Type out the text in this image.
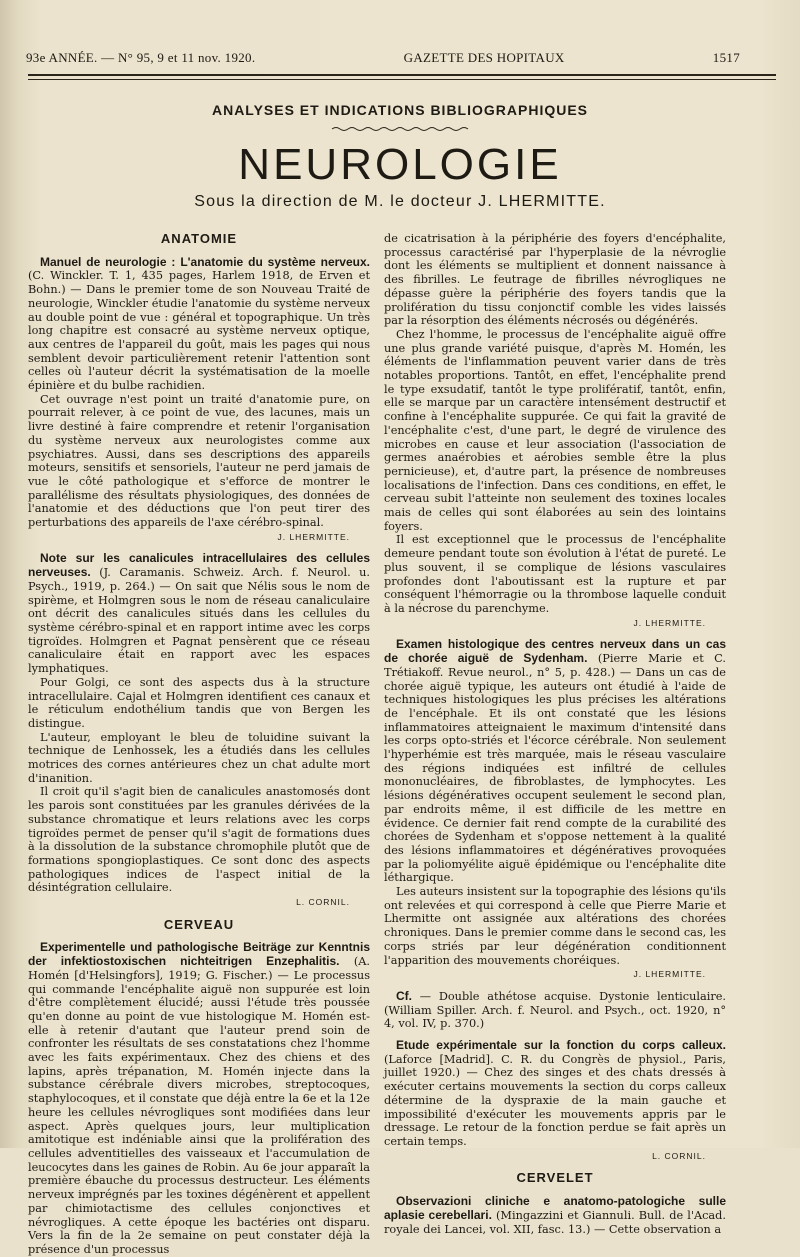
93e ANNÉE. — N° 95, 9 et 11 nov. 1920.	GAZETTE DES HOPITAUX	1517
ANALYSES ET INDICATIONS BIBLIOGRAPHIQUES
NEUROLOGIE
Sous la direction de M. le docteur J. LHERMITTE.
ANATOMIE

Manuel de neurologie : L'anatomie du système nerveux. (C. Winckler. T. 1, 435 pages, Harlem 1918, de Erven et Bohn.) — Dans le premier tome de son Nouveau Traité de neurologie, Winckler étudie l'anatomie du système nerveux au double point de vue : général et topographique. Un très long chapitre est consacré au système nerveux optique, aux centres de l'appareil du goût, mais les pages qui nous semblent devoir particulièrement retenir l'attention sont celles où l'auteur décrit la systématisation de la moelle épinière et du bulbe rachidien.

Cet ouvrage n'est point un traité d'anatomie pure, on pourrait relever, à ce point de vue, des lacunes, mais un livre destiné à faire comprendre et retenir l'organisation du système nerveux aux neurologistes comme aux psychiatres. Aussi, dans ses descriptions des appareils moteurs, sensitifs et sensoriels, l'auteur ne perd jamais de vue le côté pathologique et s'efforce de montrer le parallélisme des résultats physiologiques, des données de l'anatomie et des déductions que l'on peut tirer des perturbations des appareils de l'axe cérébro-spinal.

J. LHERMITTE.

Note sur les canalicules intracellulaires des cellules nerveuses. (J. Caramanis. Schweiz. Arch. f. Neurol. u. Psych., 1919, p. 264.) — On sait que Nélis sous le nom de spirème, et Holmgren sous le nom de réseau canaliculaire ont décrit des canalicules situés dans les cellules du système cérébro-spinal et en rapport intime avec les corps tigroïdes. Holmgren et Pagnat pensèrent que ce réseau canaliculaire était en rapport avec les espaces lymphatiques.

Pour Golgi, ce sont des aspects dus à la structure intracellulaire. Cajal et Holmgren identifient ces canaux et le réticulum endothélium tandis que von Bergen les distingue.

L'auteur, employant le bleu de toluidine suivant la technique de Lenhossek, les a étudiés dans les cellules motrices des cornes antérieures chez un chat adulte mort d'inanition.

Il croit qu'il s'agit bien de canalicules anastomosés dont les parois sont constituées par les granules dérivées de la substance chromatique et leurs relations avec les corps tigroïdes permet de penser qu'il s'agit de formations dues à la dissolution de la substance chromophile plutôt que de formations spongioplastiques. Ce sont donc des aspects pathologiques indices de l'aspect initial de la désintégration cellulaire.

L. CORNIL.
CERVEAU

Experimentelle und pathologische Beiträge zur Kenntnis der infektiostoxischen nichteitrigen Enzephalitis. (A. Homén [d'Helsingfors], 1919; G. Fischer.) — Le processus qui commande l'encéphalite aiguë non suppurée est loin d'être complètement élucidé; aussi l'étude très poussée qu'en donne au point de vue histologique M. Homén est-elle à retenir d'autant que l'auteur prend soin de confronter les résultats de ses constatations chez l'homme avec les faits expérimentaux. Chez des chiens et des lapins, après trépanation, M. Homén injecte dans la substance cérébrale divers microbes, streptocoques, staphylocoques, et il constate que déjà entre la 6e et la 12e heure les cellules névrogliques sont modifiées dans leur aspect. Après quelques jours, leur multiplication amitotique est indéniable ainsi que la prolifération des cellules adventitielles des vaisseaux et l'accumulation de leucocytes dans les gaines de Robin. Au 6e jour apparaît la première ébauche du processus destructeur. Les éléments nerveux imprégnés par les toxines dégénèrent et appellent par chimiotactisme des cellules conjonctives et névrogliques. A cette époque les bactéries ont disparu. Vers la fin de la 2e semaine on peut constater déjà la présence d'un processus

de cicatrisation à la périphérie des foyers d'encéphalite, processus caractérisé par l'hyperplasie de la névroglie dont les éléments se multiplient et donnent naissance à des fibrilles. Le feutrage de fibrilles névrogliques ne dépasse guère la périphérie des foyers tandis que la prolifération du tissu conjonctif comble les vides laissés par la résorption des éléments nécrosés ou dégénérés.

Chez l'homme, le processus de l'encéphalite aiguë offre une plus grande variété puisque, d'après M. Homén, les éléments de l'inflammation peuvent varier dans de très notables proportions. Tantôt, en effet, l'encéphalite prend le type exsudatif, tantôt le type prolifératif, tantôt, enfin, elle se marque par un caractère intensément destructif et confine à l'encéphalite suppurée. Ce qui fait la gravité de l'encéphalite c'est, d'une part, le degré de virulence des microbes en cause et leur association (l'association de germes anaérobies et aérobies semble être la plus pernicieuse), et, d'autre part, la présence de nombreuses localisations de l'infection. Dans ces conditions, en effet, le cerveau subit l'atteinte non seulement des toxines locales mais de celles qui sont élaborées au sein des lointains foyers.

Il est exceptionnel que le processus de l'encéphalite demeure pendant toute son évolution à l'état de pureté. Le plus souvent, il se complique de lésions vasculaires profondes dont l'aboutissant est la rupture et par conséquent l'hémorragie ou la thrombose laquelle conduit à la nécrose du parenchyme.

J. LHERMITTE.

Examen histologique des centres nerveux dans un cas de chorée aiguë de Sydenham. (Pierre Marie et C. Trétiakoff. Revue neurol., n° 5, p. 428.) — Dans un cas de chorée aiguë typique, les auteurs ont étudié à l'aide de techniques histologiques les plus précises les altérations de l'encéphale. Et ils ont constaté que les lésions inflammatoires atteignaient le maximum d'intensité dans les corps opto-striés et l'écorce cérébrale. Non seulement l'hyperhémie est très marquée, mais le réseau vasculaire des régions indiquées est infiltré de cellules mononucléaires, de fibroblastes, de lymphocytes. Les lésions dégénératives occupent seulement le second plan, par endroits même, il est difficile de les mettre en évidence. Ce dernier fait rend compte de la curabilité des chorées de Sydenham et s'oppose nettement à la qualité des lésions inflammatoires et dégénératives provoquées par la poliomyélite aiguë épidémique ou l'encéphalite dite léthargique.

Les auteurs insistent sur la topographie des lésions qu'ils ont relevées et qui correspond à celle que Pierre Marie et Lhermitte ont assignée aux altérations des chorées chroniques. Dans le premier comme dans le second cas, les corps striés par leur dégénération conditionnent l'apparition des mouvements choréiques.

J. LHERMITTE.

Cf. — Double athétose acquise. Dystonie lenticulaire. (William Spiller. Arch. f. Neurol. and Psych., oct. 1920, n° 4, vol. IV, p. 370.)

Etude expérimentale sur la fonction du corps calleux. (Laforce [Madrid]. C. R. du Congrès de physiol., Paris, juillet 1920.) — Chez des singes et des chats dressés à exécuter certains mouvements la section du corps calleux détermine de la dyspraxie de la main gauche et impossibilité d'exécuter les mouvements appris par le dressage. Le retour de la fonction perdue se fait après un certain temps.

L. CORNIL.
CERVELET

Observazioni cliniche e anatomo-patologiche sulle aplasie cerebellari. (Mingazzini et Giannuli. Bull. de l'Acad. royale dei Lancei, vol. XII, fasc. 13.) — Cette observation a
